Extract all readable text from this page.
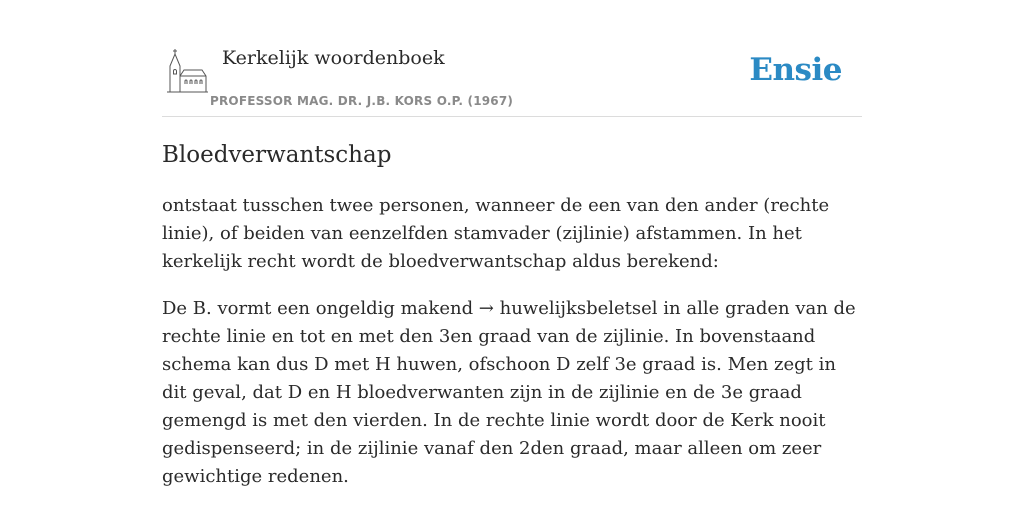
Kerkelijk woordenboek
PROFESSOR MAG. DR. J.B. KORS O.P. (1967)
Ensie
Bloedverwantschap

ontstaat tusschen twee personen, wanneer de een van den ander (rechte linie), of beiden van eenzelfden stamvader (zijlinie) afstammen. In het kerkelijk recht wordt de bloedverwantschap aldus berekend:

De B. vormt een ongeldig makend → huwelijksbeletsel in alle graden van de rechte linie en tot en met den 3en graad van de zijlinie. In bovenstaand schema kan dus D met H huwen, ofschoon D zelf 3e graad is. Men zegt in dit geval, dat D en H bloedverwanten zijn in de zijlinie en de 3e graad gemengd is met den vierden. In de rechte linie wordt door de Kerk nooit gedispenseerd; in de zijlinie vanaf den 2den graad, maar alleen om zeer gewichtige redenen.
